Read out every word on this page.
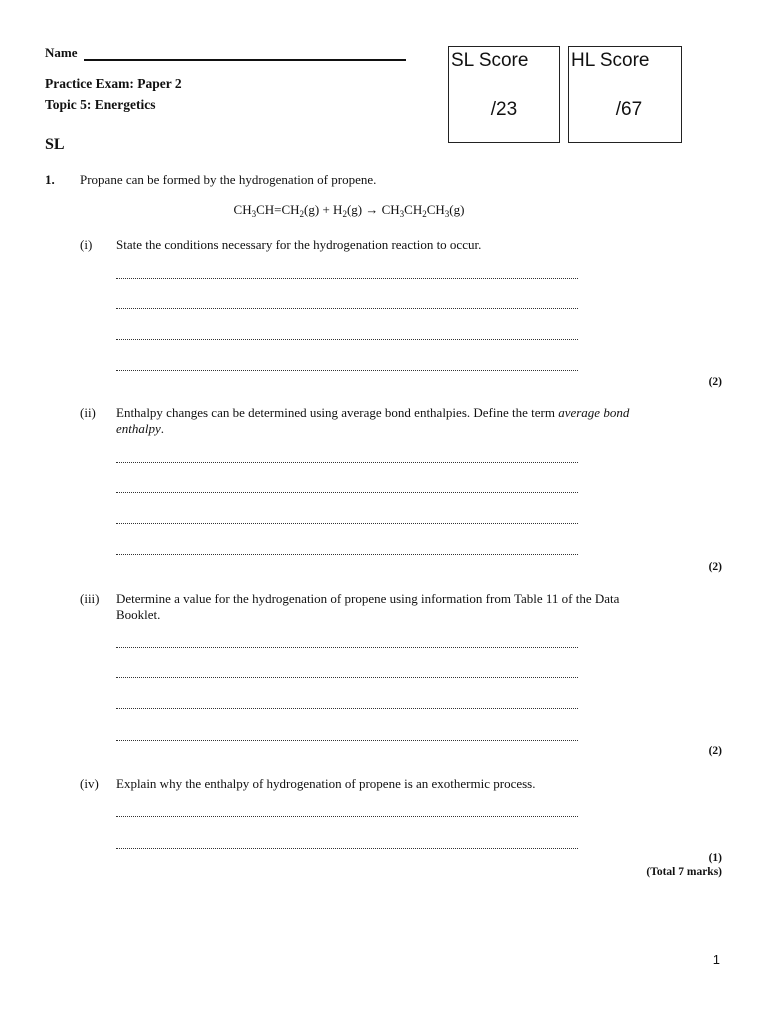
Name
Practice Exam: Paper 2
Topic 5: Energetics
SL
SL Score
/23
HL Score
/67
1. Propane can be formed by the hydrogenation of propene.
$CH_3CH=CH_2(g) + H_2(g) \to CH_3CH_2CH_3(g)$
(i) State the conditions necessary for the hydrogenation reaction to occur.
(2)
(ii) Enthalpy changes can be determined using average bond enthalpies. Define the term average bond enthalpy.
(2)
(iii) Determine a value for the hydrogenation of propene using information from Table 11 of the Data Booklet.
(2)
(iv) Explain why the enthalpy of hydrogenation of propene is an exothermic process.
(1)
(Total 7 marks)
1
